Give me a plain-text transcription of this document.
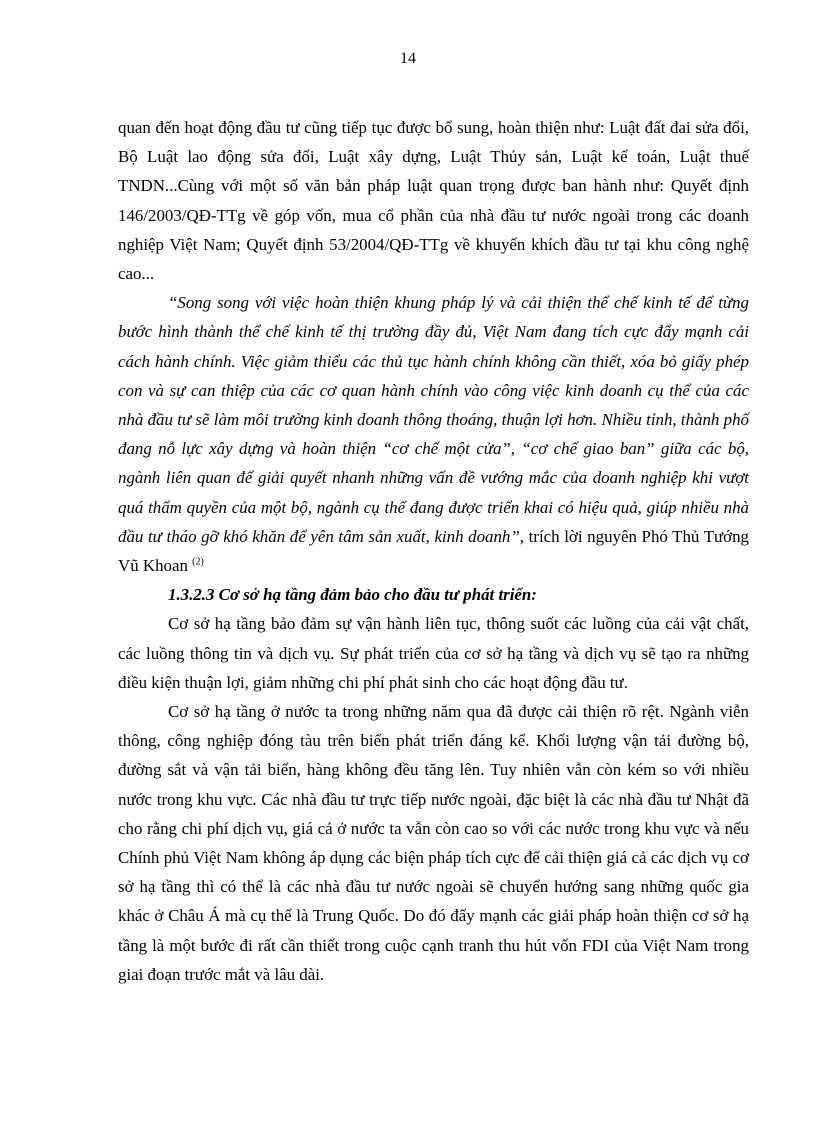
14

quan đến hoạt động đầu tư cũng tiếp tục được bổ sung, hoàn thiện như: Luật đất đai sửa đổi, Bộ Luật lao động sửa đổi, Luật xây dựng, Luật Thủy sản, Luật kế toán, Luật thuế TNDN...Cùng với một số văn bản pháp luật quan trọng được ban hành như: Quyết định 146/2003/QĐ-TTg về góp vốn, mua cổ phần của nhà đầu tư nước ngoài trong các doanh nghiệp Việt Nam; Quyết định 53/2004/QĐ-TTg về khuyến khích đầu tư tại khu công nghệ cao...

“Song song với việc hoàn thiện khung pháp lý và cải thiện thể chế kinh tế để từng bước hình thành thể chế kinh tế thị trường đầy đủ, Việt Nam đang tích cực đẩy mạnh cải cách hành chính. Việc giảm thiểu các thủ tục hành chính không cần thiết, xóa bỏ giấy phép con và sự can thiệp của các cơ quan hành chính vào công việc kinh doanh cụ thể của các nhà đầu tư sẽ làm môi trường kinh doanh thông thoáng, thuận lợi hơn. Nhiều tỉnh, thành phố đang nỗ lực xây dựng và hoàn thiện “cơ chế một cửa”, “cơ chế giao ban” giữa các bộ, ngành liên quan để giải quyết nhanh những vấn đề vướng mắc của doanh nghiệp khi vượt quá thẩm quyền của một bộ, ngành cụ thể đang được triển khai có hiệu quả, giúp nhiều nhà đầu tư tháo gỡ khó khăn để yên tâm sản xuất, kinh doanh”, trích lời nguyên Phó Thủ Tướng Vũ Khoan $^{(2)}$

1.3.2.3 Cơ sở hạ tầng đảm bảo cho đầu tư phát triển:

Cơ sở hạ tầng bảo đảm sự vận hành liên tục, thông suốt các luồng của cải vật chất, các luồng thông tin và dịch vụ. Sự phát triển của cơ sở hạ tầng và dịch vụ sẽ tạo ra những điều kiện thuận lợi, giảm những chi phí phát sinh cho các hoạt động đầu tư.

Cơ sở hạ tầng ở nước ta trong những năm qua đã được cải thiện rõ rệt. Ngành viễn thông, công nghiệp đóng tàu trên biển phát triển đáng kể. Khối lượng vận tải đường bộ, đường sắt và vận tải biển, hàng không đều tăng lên. Tuy nhiên vẫn còn kém so với nhiều nước trong khu vực. Các nhà đầu tư trực tiếp nước ngoài, đặc biệt là các nhà đầu tư Nhật đã cho rằng chi phí dịch vụ, giá cả ở nước ta vẫn còn cao so với các nước trong khu vực và nếu Chính phủ Việt Nam không áp dụng các biện pháp tích cực để cải thiện giá cả các dịch vụ cơ sở hạ tầng thì có thể là các nhà đầu tư nước ngoài sẽ chuyển hướng sang những quốc gia khác ở Châu Á mà cụ thể là Trung Quốc. Do đó đẩy mạnh các giải pháp hoàn thiện cơ sở hạ tầng là một bước đi rất cần thiết trong cuộc cạnh tranh thu hút vốn FDI của Việt Nam trong giai đoạn trước mắt và lâu dài.
